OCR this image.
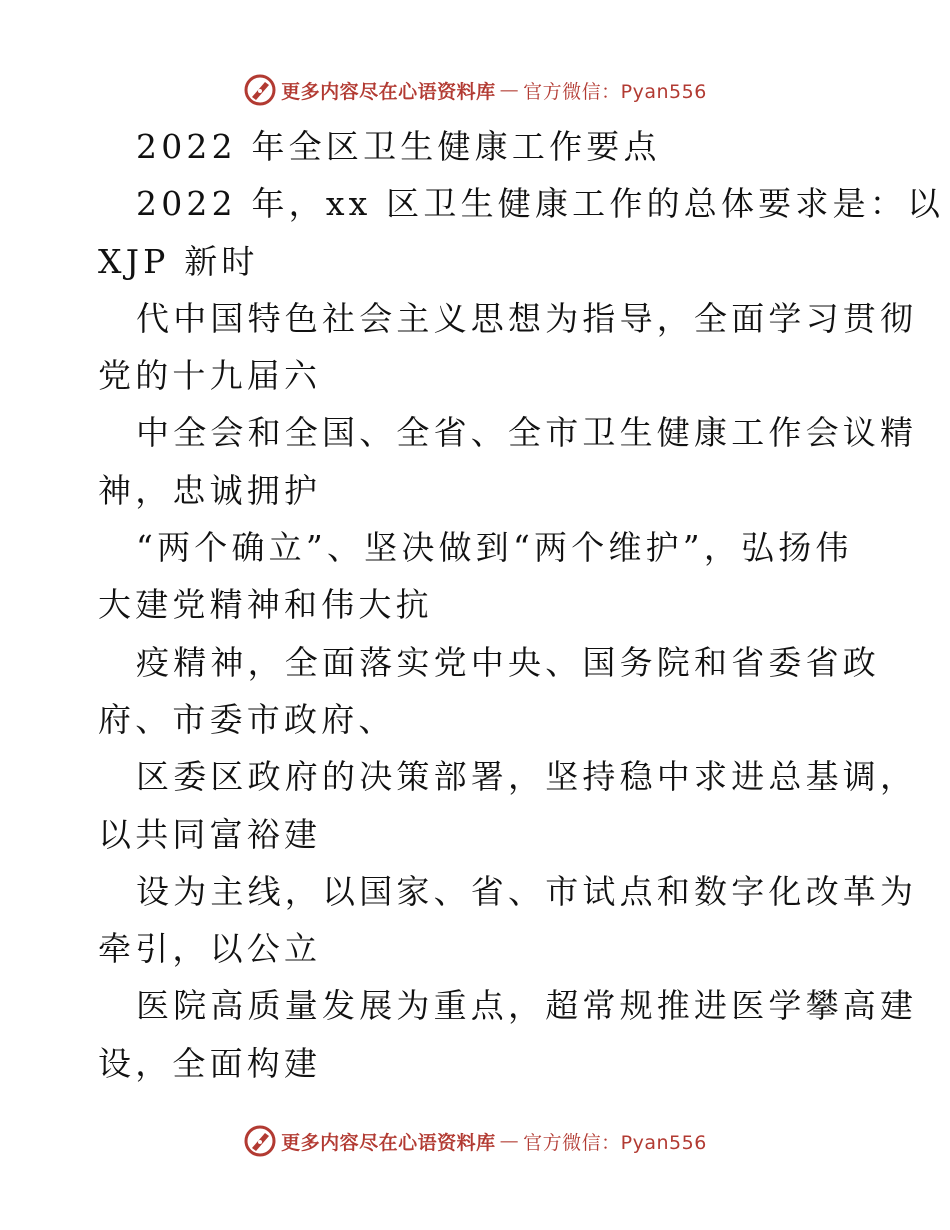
更多内容尽在心语资料库 — 官方微信：Pyan556
2022 年全区卫生健康工作要点
2022 年，xx 区卫生健康工作的总体要求是：以
XJP 新时
代中国特色社会主义思想为指导，全面学习贯彻
党的十九届六
中全会和全国、全省、全市卫生健康工作会议精
神，忠诚拥护
“两个确立”、坚决做到“两个维护”，弘扬伟
大建党精神和伟大抗
疫精神，全面落实党中央、国务院和省委省政
府、市委市政府、
区委区政府的决策部署，坚持稳中求进总基调，
以共同富裕建
设为主线，以国家、省、市试点和数字化改革为
牵引，以公立
医院高质量发展为重点，超常规推进医学攀高建
设，全面构建
更多内容尽在心语资料库 — 官方微信：Pyan556
